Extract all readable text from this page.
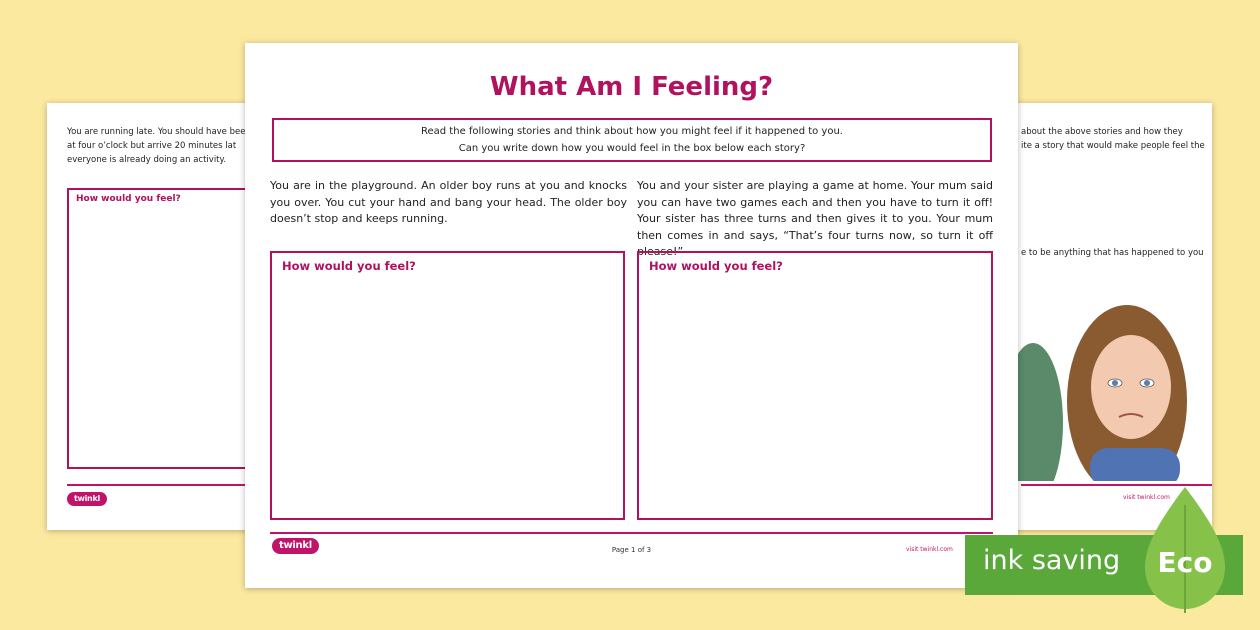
You are running late. You should have bee
at four o’clock but arrive 20 minutes lat
everyone is already doing an activity.
How would you feel?
twinkl
about the above stories and how they
ite a story that would make people feel the
e to be anything that has happened to you
visit twinkl.com
What Am I Feeling?
Read the following stories and think about how you might feel if it happened to you.
Can you write down how you would feel in the box below each story?
You are in the playground. An older boy runs at you and knocks you over. You cut your hand and bang your head. The older boy doesn’t stop and keeps running.
How would you feel?
You and your sister are playing a game at home. Your mum said you can have two games each and then you have to turn it off! Your sister has three turns and then gives it to you. Your mum then comes in and says, “That’s four turns now, so turn it off please!”
How would you feel?
twinkl	Page 1 of 3	visit twinkl.com ink saving Eco
